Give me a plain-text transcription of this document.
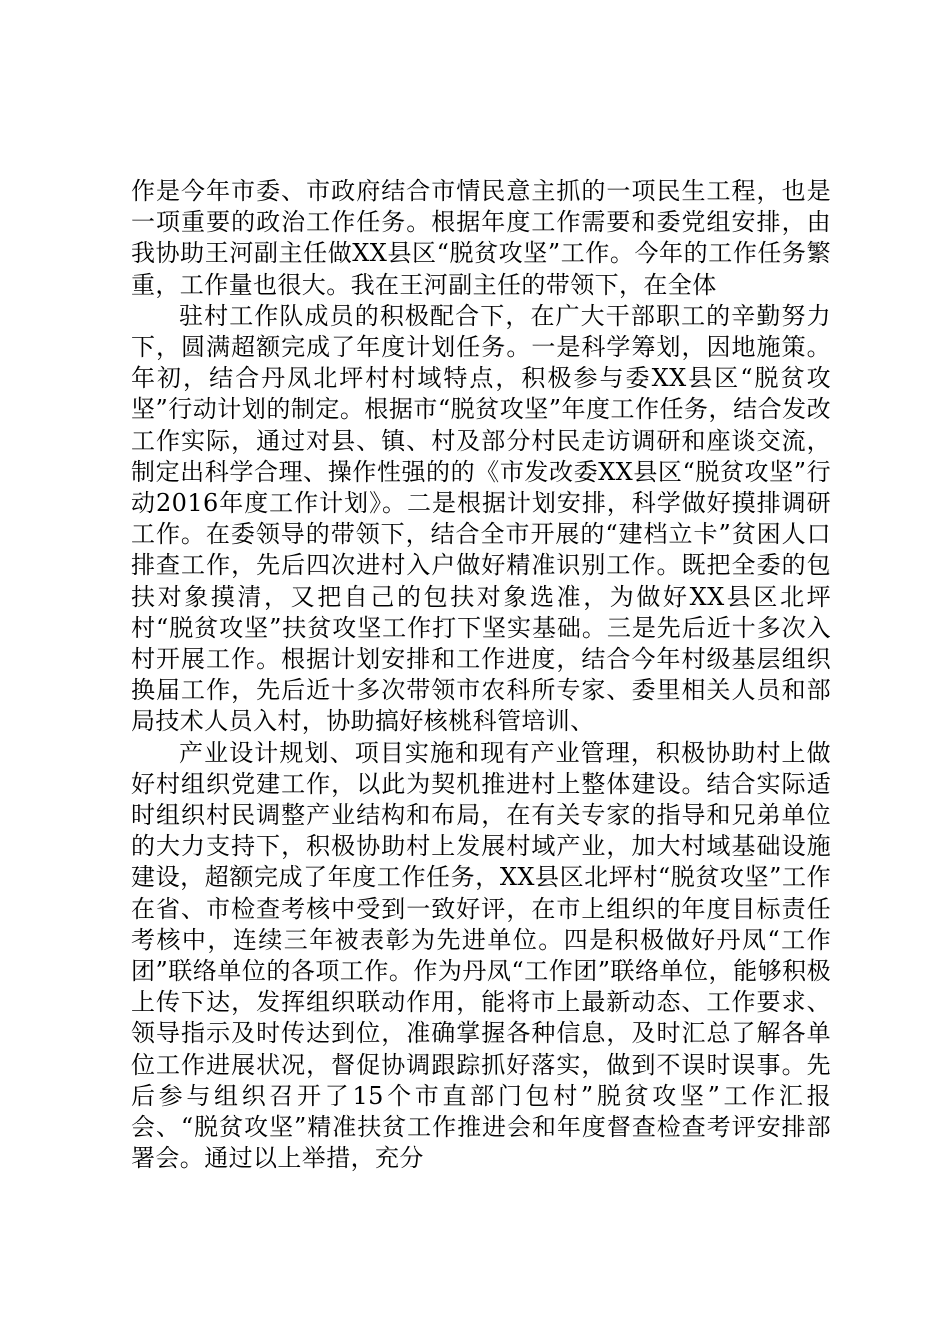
作是今年市委、市政府结合市情民意主抓的一项民生工程，也是一项重要的政治工作任务。根据年度工作需要和委党组安排，由我协助王河副主任做XX县区“脱贫攻坚”工作。今年的工作任务繁重，工作量也很大。我在王河副主任的带领下，在全体

驻村工作队成员的积极配合下，在广大干部职工的辛勤努力下，圆满超额完成了年度计划任务。一是科学筹划，因地施策。年初，结合丹凤北坪村村域特点，积极参与委XX县区“脱贫攻坚”行动计划的制定。根据市“脱贫攻坚”年度工作任务，结合发改工作实际，通过对县、镇、村及部分村民走访调研和座谈交流，制定出科学合理、操作性强的的《市发改委XX县区“脱贫攻坚”行动2016年度工作计划》。二是根据计划安排，科学做好摸排调研工作。在委领导的带领下，结合全市开展的“建档立卡”贫困人口排查工作，先后四次进村入户做好精准识别工作。既把全委的包扶对象摸清，又把自己的包扶对象选准，为做好XX县区北坪村“脱贫攻坚”扶贫攻坚工作打下坚实基础。三是先后近十多次入村开展工作。根据计划安排和工作进度，结合今年村级基层组织换届工作，先后近十多次带领市农科所专家、委里相关人员和部局技术人员入村，协助搞好核桃科管培训、

产业设计规划、项目实施和现有产业管理，积极协助村上做好村组织党建工作，以此为契机推进村上整体建设。结合实际适时组织村民调整产业结构和布局，在有关专家的指导和兄弟单位的大力支持下，积极协助村上发展村域产业，加大村域基础设施建设，超额完成了年度工作任务，XX县区北坪村“脱贫攻坚”工作在省、市检查考核中受到一致好评，在市上组织的年度目标责任考核中，连续三年被表彰为先进单位。四是积极做好丹凤“工作团”联络单位的各项工作。作为丹凤“工作团”联络单位，能够积极上传下达，发挥组织联动作用，能将市上最新动态、工作要求、领导指示及时传达到位，准确掌握各种信息，及时汇总了解各单位工作进展状况，督促协调跟踪抓好落实，做到不误时误事。先后参与组织召开了15个市直部门包村”脱贫攻坚”工作汇报会、“脱贫攻坚”精准扶贫工作推进会和年度督查检查考评安排部署会。通过以上举措，充分
